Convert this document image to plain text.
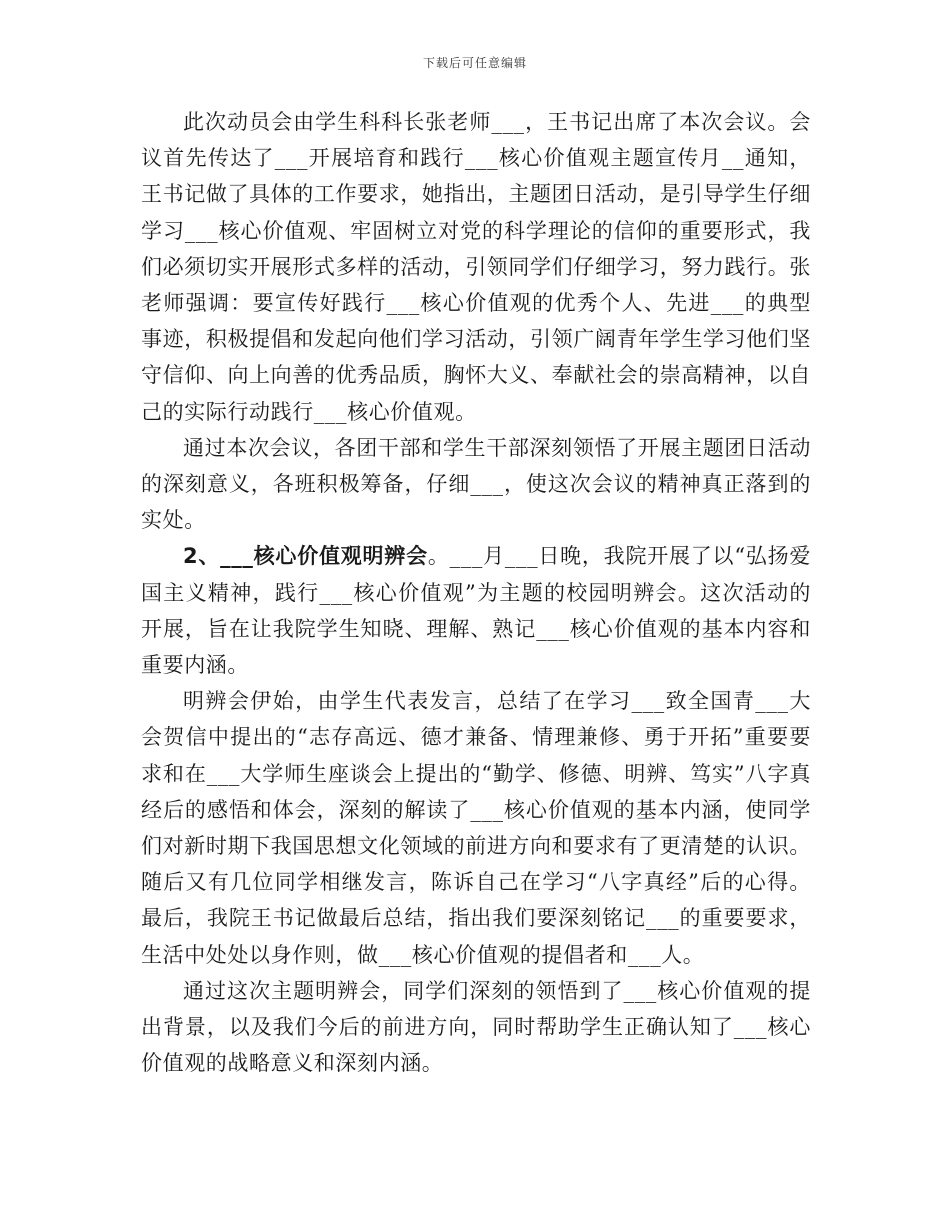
下载后可任意编辑

此次动员会由学生科科长张老师___，王书记出席了本次会议。会议首先传达了___开展培育和践行___核心价值观主题宣传月__通知，王书记做了具体的工作要求，她指出，主题团日活动，是引导学生仔细学习___核心价值观、牢固树立对党的科学理论的信仰的重要形式，我们必须切实开展形式多样的活动，引领同学们仔细学习，努力践行。张老师强调：要宣传好践行___核心价值观的优秀个人、先进___的典型事迹，积极提倡和发起向他们学习活动，引领广阔青年学生学习他们坚守信仰、向上向善的优秀品质，胸怀大义、奉献社会的崇高精神，以自己的实际行动践行___核心价值观。

通过本次会议，各团干部和学生干部深刻领悟了开展主题团日活动的深刻意义，各班积极筹备，仔细___，使这次会议的精神真正落到的实处。

2、___核心价值观明辨会。___月___日晚，我院开展了以“弘扬爱国主义精神，践行___核心价值观”为主题的校园明辨会。这次活动的开展，旨在让我院学生知晓、理解、熟记___核心价值观的基本内容和重要内涵。

明辨会伊始，由学生代表发言，总结了在学习___致全国青___大会贺信中提出的“志存高远、德才兼备、情理兼修、勇于开拓”重要要求和在___大学师生座谈会上提出的“勤学、修德、明辨、笃实”八字真经后的感悟和体会，深刻的解读了___核心价值观的基本内涵，使同学们对新时期下我国思想文化领域的前进方向和要求有了更清楚的认识。随后又有几位同学相继发言，陈诉自己在学习“八字真经”后的心得。最后，我院王书记做最后总结，指出我们要深刻铭记___的重要要求，生活中处处以身作则，做___核心价值观的提倡者和___人。

通过这次主题明辨会，同学们深刻的领悟到了___核心价值观的提出背景，以及我们今后的前进方向，同时帮助学生正确认知了___核心价值观的战略意义和深刻内涵。
